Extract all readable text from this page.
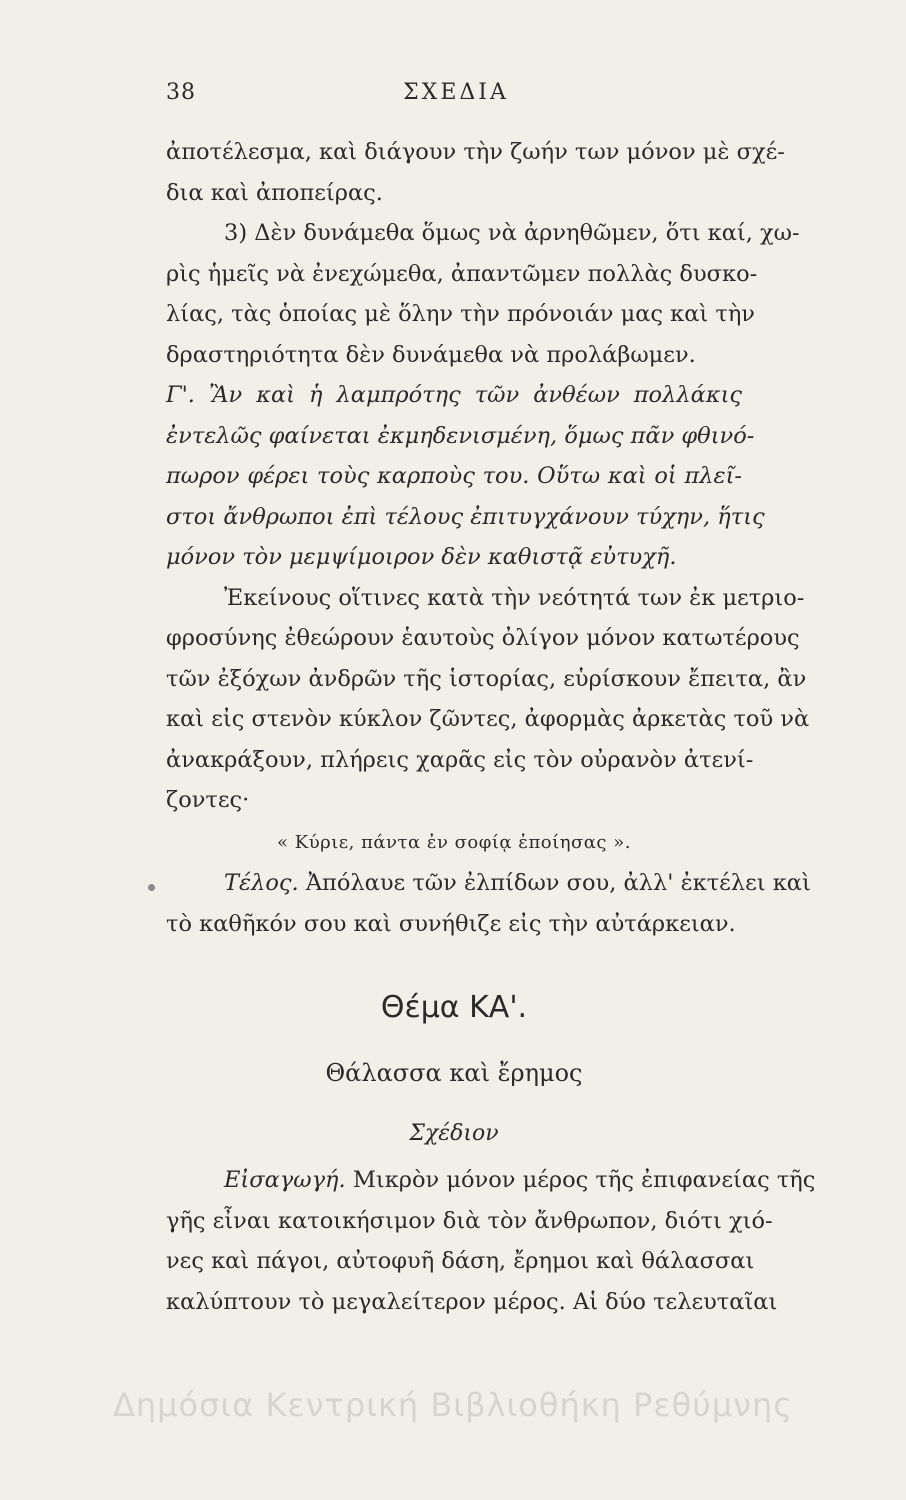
38	ΣΧΕΔΙΑ
ἀποτέλεσμα, καὶ διάγουν τὴν ζωήν των μόνον μὲ σχέ-
δια καὶ ἀποπείρας.
3) Δὲν δυνάμεθα ὅμως νὰ ἀρνηθῶμεν, ὅτι καί, χω-
ρὶς ἡμεῖς νὰ ἐνεχώμεθα, ἀπαντῶμεν πολλὰς δυσκο-
λίας, τὰς ὁποίας μὲ ὅλην τὴν πρόνοιάν μας καὶ τὴν
δραστηριότητα δὲν δυνάμεθα νὰ προλάβωμεν.
Γ'. Ἂν καὶ ἡ λαμπρότης τῶν ἀνθέων πολλάκις
ἐντελῶς φαίνεται ἐκμηδενισμένη, ὅμως πᾶν φθινό-
πωρον φέρει τοὺς καρποὺς του. Οὕτω καὶ οἱ πλεῖ-
στοι ἄνθρωποι ἐπὶ τέλους ἐπιτυγχάνουν τύχην, ἥτις
μόνον τὸν μεμψίμοιρον δὲν καθιστᾷ εὐτυχῆ.
Ἐκείνους οἵτινες κατὰ τὴν νεότητά των ἐκ μετριο-
φροσύνης ἐθεώρουν ἑαυτοὺς ὀλίγον μόνον κατωτέρους
τῶν ἐξόχων ἀνδρῶν τῆς ἱστορίας, εὑρίσκουν ἔπειτα, ἂν
καὶ εἰς στενὸν κύκλον ζῶντες, ἀφορμὰς ἀρκετὰς τοῦ νὰ
ἀνακράξουν, πλήρεις χαρᾶς εἰς τὸν οὐρανὸν ἀτενί-
ζοντες·
« Κύριε, πάντα ἐν σοφίᾳ ἐποίησας ».
Τέλος. Ἀπόλαυε τῶν ἐλπίδων σου, ἀλλ' ἐκτέλει καὶ
τὸ καθῆκόν σου καὶ συνήθιζε εἰς τὴν αὐτάρκειαν.
Θέμα ΚΑ'.
Θάλασσα καὶ ἔρημος
Σχέδιον
Εἰσαγωγή. Μικρὸν μόνον μέρος τῆς ἐπιφανείας τῆς
γῆς εἶναι κατοικήσιμον διὰ τὸν ἄνθρωπον, διότι χιό-
νες καὶ πάγοι, αὐτοφυῆ δάση, ἔρημοι καὶ θάλασσαι
καλύπτουν τὸ μεγαλείτερον μέρος. Αἱ δύο τελευταῖαι
Δημόσια Κεντρική Βιβλιοθήκη Ρεθύμνης
